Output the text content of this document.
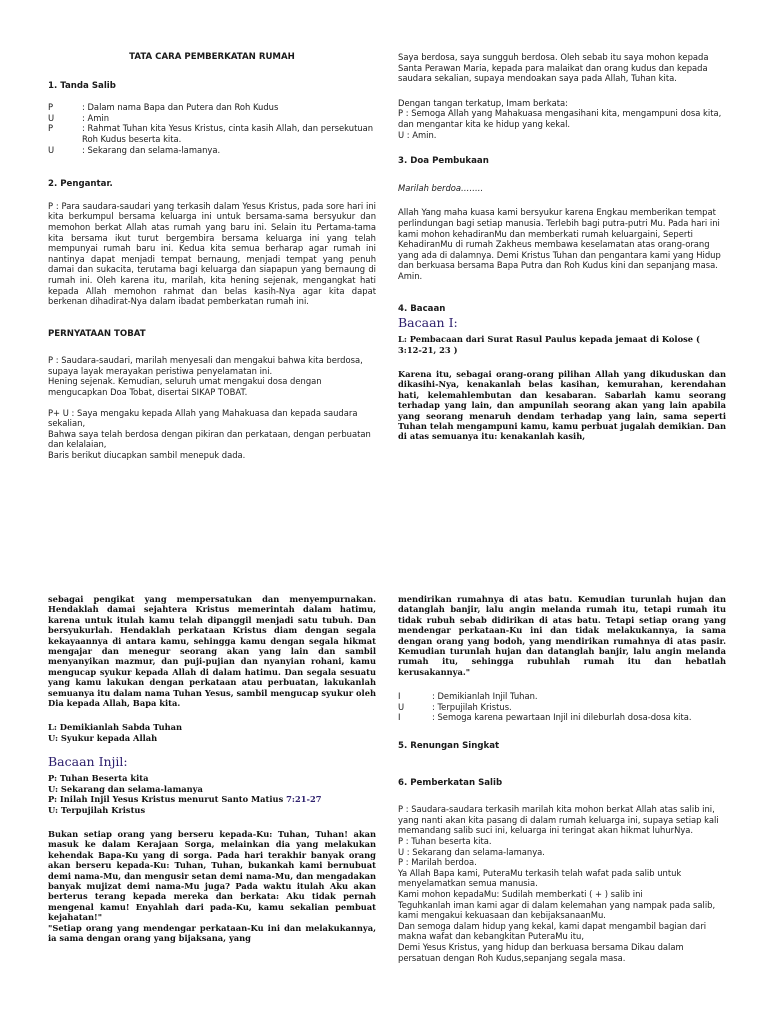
TATA CARA PEMBERKATAN RUMAH
1. Tanda Salib
P	: Dalam nama Bapa dan Putera dan Roh Kudus
U	: Amin
P	: Rahmat Tuhan kita Yesus Kristus, cinta kasih Allah, dan persekutuan Roh Kudus beserta kita.
U	: Sekarang dan selama-lamanya.
2. Pengantar.

P : Para saudara-saudari yang terkasih dalam Yesus Kristus, pada sore hari ini kita berkumpul bersama keluarga ini untuk bersama-sama bersyukur dan memohon berkat Allah atas rumah yang baru ini. Selain itu Pertama-tama kita bersama ikut turut bergembira bersama keluarga ini yang telah mempunyai rumah baru ini. Kedua kita semua berharap agar rumah ini nantinya dapat menjadi tempat bernaung, menjadi tempat yang penuh damai dan sukacita, terutama bagi keluarga dan siapapun yang bernaung di rumah ini. Oleh karena itu, marilah, kita hening sejenak, mengangkat hati kepada Allah memohon rahmat dan belas kasih-Nya agar kita dapat berkenan dihadirat-Nya dalam ibadat pemberkatan rumah ini.

PERNYATAAN TOBAT

P : Saudara-saudari, marilah menyesali dan mengakui bahwa kita berdosa, supaya layak merayakan peristiwa penyelamatan ini.

Hening sejenak. Kemudian, seluruh umat mengakui dosa dengan mengucapkan Doa Tobat, disertai SIKAP TOBAT.

P+ U : Saya mengaku kepada Allah yang Mahakuasa dan kepada saudara sekalian,

Bahwa saya telah berdosa dengan pikiran dan perkataan, dengan perbuatan dan kelalaian,

Baris berikut diucapkan sambil menepuk dada.

Saya berdosa, saya sungguh berdosa. Oleh sebab itu saya mohon kepada Santa Perawan Maria, kepada para malaikat dan orang kudus dan kepada saudara sekalian, supaya mendoakan saya pada Allah, Tuhan kita.

Dengan tangan terkatup, Imam berkata:

P : Semoga Allah yang Mahakuasa mengasihani kita, mengampuni dosa kita, dan mengantar kita ke hidup yang kekal.

U : Amin.

3. Doa Pembukaan

Marilah berdoa……..

Allah Yang maha kuasa kami bersyukur karena Engkau memberikan tempat perlindungan bagi setiap manusia. Terlebih bagi putra-putri Mu. Pada hari ini kami mohon kehadiranMu dan memberkati rumah keluargaini, Seperti KehadiranMu di rumah Zakheus membawa keselamatan atas orang-orang yang ada di dalamnya. Demi Kristus Tuhan dan pengantara kami yang Hidup dan berkuasa bersama Bapa Putra dan Roh Kudus kini dan sepanjang masa. Amin.

4. Bacaan
Bacaan I:

L: Pembacaan dari Surat Rasul Paulus kepada jemaat di Kolose ( 3:12-21, 23 )

Karena itu, sebagai orang-orang pilihan Allah yang dikuduskan dan dikasihi-Nya, kenakanlah belas kasihan, kemurahan, kerendahan hati, kelemahlembutan dan kesabaran. Sabarlah kamu seorang terhadap yang lain, dan ampunilah seorang akan yang lain apabila yang seorang menaruh dendam terhadap yang lain, sama seperti Tuhan telah mengampuni kamu, kamu perbuat jugalah demikian. Dan di atas semuanya itu: kenakanlah kasih,

sebagai pengikat yang mempersatukan dan menyempurnakan. Hendaklah damai sejahtera Kristus memerintah dalam hatimu, karena untuk itulah kamu telah dipanggil menjadi satu tubuh. Dan bersyukurlah. Hendaklah perkataan Kristus diam dengan segala kekayaannya di antara kamu, sehingga kamu dengan segala hikmat mengajar dan menegur seorang akan yang lain dan sambil menyanyikan mazmur, dan puji-pujian dan nyanyian rohani, kamu mengucap syukur kepada Allah di dalam hatimu. Dan segala sesuatu yang kamu lakukan dengan perkataan atau perbuatan, lakukanlah semuanya itu dalam nama Tuhan Yesus, sambil mengucap syukur oleh Dia kepada Allah, Bapa kita.

L: Demikianlah Sabda Tuhan

U: Syukur kepada Allah

Bacaan Injil:

P: Tuhan Beserta kita

U: Sekarang dan selama-lamanya

P: Inilah Injil Yesus Kristus menurut Santo Matius 7:21-27

U: Terpujilah Kristus

Bukan setiap orang yang berseru kepada-Ku: Tuhan, Tuhan! akan masuk ke dalam Kerajaan Sorga, melainkan dia yang melakukan kehendak Bapa-Ku yang di sorga. Pada hari terakhir banyak orang akan berseru kepada-Ku: Tuhan, Tuhan, bukankah kami bernubuat demi nama-Mu, dan mengusir setan demi nama-Mu, dan mengadakan banyak mujizat demi nama-Mu juga? Pada waktu itulah Aku akan berterus terang kepada mereka dan berkata: Aku tidak pernah mengenal kamu! Enyahlah dari pada-Ku, kamu sekalian pembuat kejahatan!"

"Setiap orang yang mendengar perkataan-Ku ini dan melakukannya, ia sama dengan orang yang bijaksana, yang

mendirikan rumahnya di atas batu. Kemudian turunlah hujan dan datanglah banjir, lalu angin melanda rumah itu, tetapi rumah itu tidak rubuh sebab didirikan di atas batu. Tetapi setiap orang yang mendengar perkataan-Ku ini dan tidak melakukannya, ia sama dengan orang yang bodoh, yang mendirikan rumahnya di atas pasir. Kemudian turunlah hujan dan datanglah banjir, lalu angin melanda rumah itu, sehingga rubuhlah rumah itu dan hebatlah kerusakannya."

I	: Demikianlah Injil Tuhan.
U	: Terpujilah Kristus.
I	: Semoga karena pewartaan Injil ini dileburlah dosa-dosa kita.
5. Renungan Singkat
6. Pemberkatan Salib

P : Saudara-saudara terkasih marilah kita mohon berkat Allah atas salib ini,

yang nanti akan kita pasang di dalam rumah keluarga ini, supaya setiap kali memandang salib suci ini, keluarga ini teringat akan hikmat luhurNya.

P : Tuhan beserta kita.

U : Sekarang dan selama-lamanya.

P : Marilah berdoa.

Ya Allah Bapa kami, PuteraMu terkasih telah wafat pada salib untuk menyelamatkan semua manusia.

Kami mohon kepadaMu: Sudilah memberkati ( + ) salib ini

Teguhkanlah iman kami agar di dalam kelemahan yang nampak pada salib, kami mengakui kekuasaan dan kebijaksanaanMu.

Dan semoga dalam hidup yang kekal, kami dapat mengambil bagian dari makna wafat dan kebangkitan PuteraMu itu,

Demi Yesus Kristus, yang hidup dan berkuasa bersama Dikau dalam persatuan dengan Roh Kudus,sepanjang segala masa.
